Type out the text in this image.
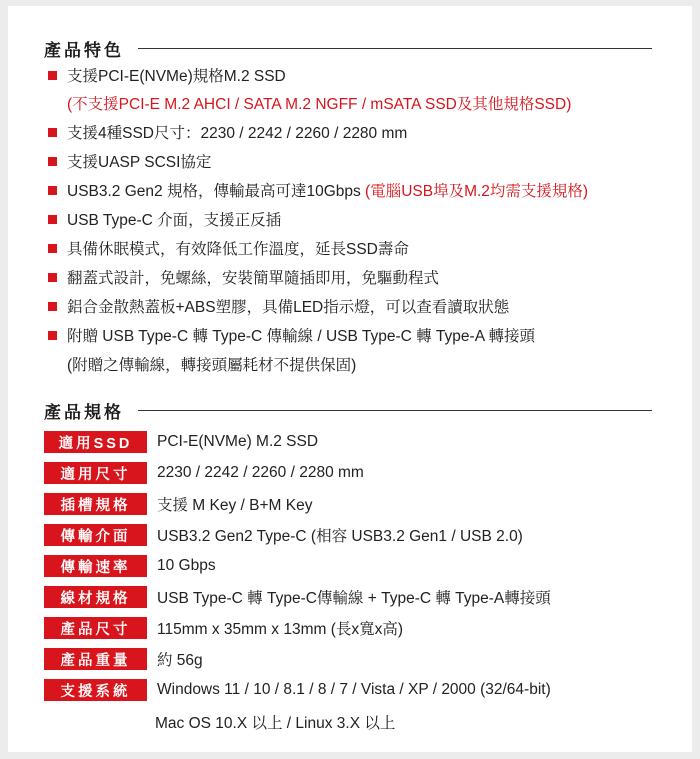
產品特色
支援PCI-E(NVMe)規格M.2 SSD
(不支援PCI-E M.2 AHCI / SATA M.2 NGFF / mSATA SSD及其他規格SSD)
支援4種SSD尺寸：2230 / 2242 / 2260 / 2280 mm
支援UASP SCSI協定
USB3.2 Gen2 規格，傳輸最高可達10Gbps (電腦USB埠及M.2均需支援規格)
USB Type-C 介面，支援正反插
具備休眠模式，有效降低工作溫度，延長SSD壽命
翻蓋式設計，免螺絲，安裝簡單隨插即用，免驅動程式
鋁合金散熱蓋板+ABS塑膠，具備LED指示燈，可以查看讀取狀態
附贈 USB Type-C 轉 Type-C 傳輸線 / USB Type-C 轉 Type-A 轉接頭
(附贈之傳輸線，轉接頭屬耗材不提供保固)
產品規格
適用SSD	PCI-E(NVMe) M.2 SSD
適用尺寸	2230 / 2242 / 2260 / 2280 mm
插槽規格	支援 M Key / B+M Key
傳輸介面	USB3.2 Gen2 Type-C (相容 USB3.2 Gen1 / USB 2.0)
傳輸速率	10 Gbps
線材規格	USB Type-C 轉 Type-C傳輸線 + Type-C 轉 Type-A轉接頭
產品尺寸	115mm x 35mm x 13mm (長x寬x高)
產品重量	約 56g
支援系統	Windows 11 / 10 / 8.1 / 8 / 7 / Vista / XP / 2000 (32/64-bit)
Mac OS 10.X 以上 / Linux 3.X 以上
